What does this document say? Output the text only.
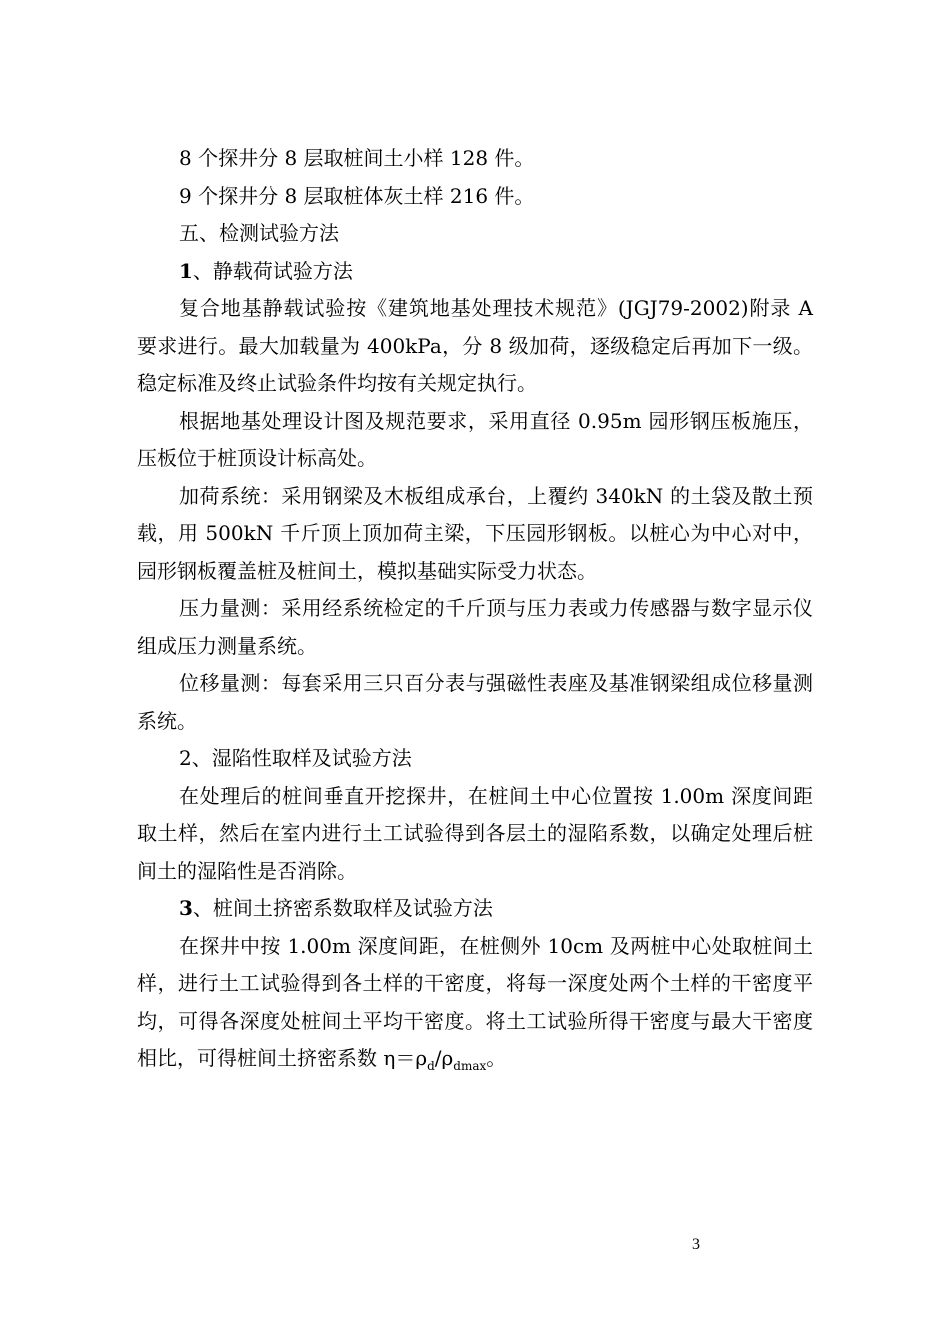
8 个探井分 8 层取桩间土小样 128 件。

9 个探井分 8 层取桩体灰土样 216 件。

五、检测试验方法

1、静载荷试验方法

复合地基静载试验按《建筑地基处理技术规范》(JGJ79-2002)附录 A 要求进行。最大加载量为 400kPa，分 8 级加荷，逐级稳定后再加下一级。稳定标准及终止试验条件均按有关规定执行。

根据地基处理设计图及规范要求，采用直径 0.95m 园形钢压板施压，压板位于桩顶设计标高处。

加荷系统：采用钢梁及木板组成承台，上覆约 340kN 的土袋及散土预载，用 500kN 千斤顶上顶加荷主梁，下压园形钢板。以桩心为中心对中，园形钢板覆盖桩及桩间土，模拟基础实际受力状态。

压力量测：采用经系统检定的千斤顶与压力表或力传感器与数字显示仪组成压力测量系统。

位移量测：每套采用三只百分表与强磁性表座及基准钢梁组成位移量测系统。

2、湿陷性取样及试验方法

在处理后的桩间垂直开挖探井，在桩间土中心位置按 1.00m 深度间距取土样，然后在室内进行土工试验得到各层土的湿陷系数，以确定处理后桩间土的湿陷性是否消除。

3、桩间土挤密系数取样及试验方法

在探井中按 1.00m 深度间距，在桩侧外 10cm 及两桩中心处取桩间土样，进行土工试验得到各土样的干密度，将每一深度处两个土样的干密度平均，可得各深度处桩间土平均干密度。将土工试验所得干密度与最大干密度相比，可得桩间土挤密系数 $\eta=\rho_d/\rho_{dmax}$。

3
